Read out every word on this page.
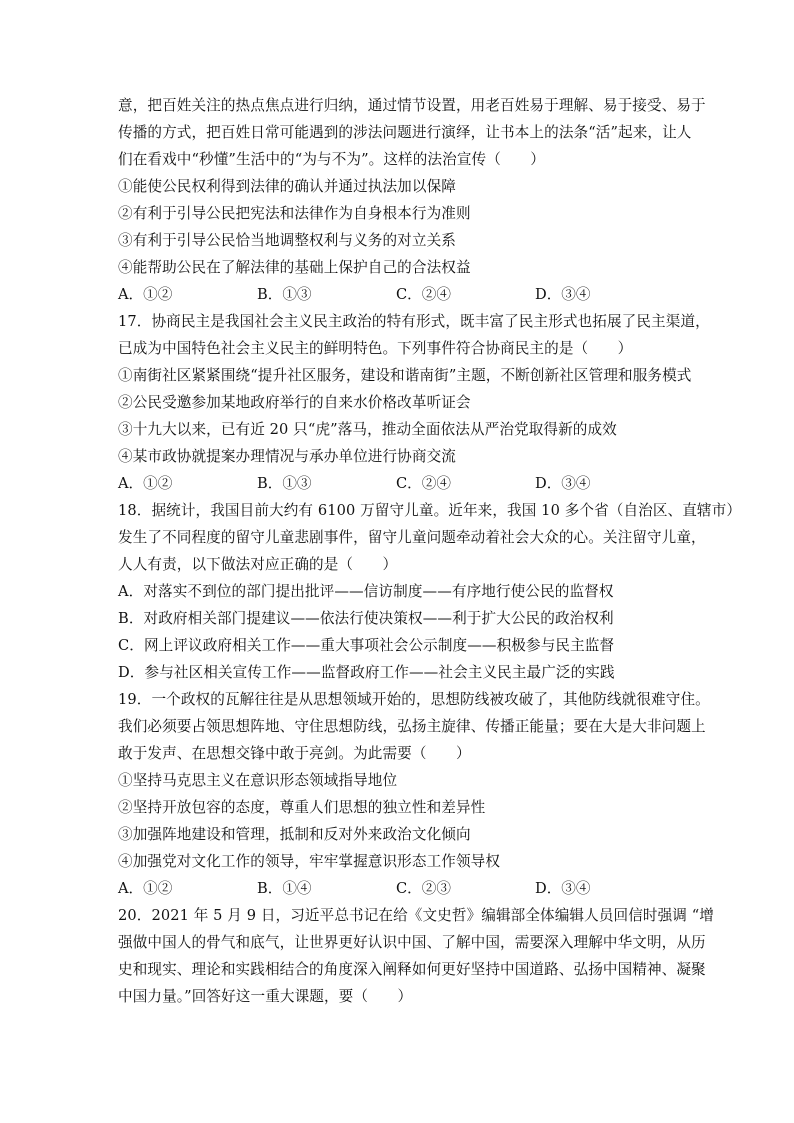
意，把百姓关注的热点焦点进行归纳，通过情节设置，用老百姓易于理解、易于接受、易于
传播的方式，把百姓日常可能遇到的涉法问题进行演绎，让书本上的法条“活”起来，让人
们在看戏中“秒懂”生活中的“为与不为”。这样的法治宣传（　　）
①能使公民权利得到法律的确认并通过执法加以保障
②有利于引导公民把宪法和法律作为自身根本行为准则
③有利于引导公民恰当地调整权利与义务的对立关系
④能帮助公民在了解法律的基础上保护自己的合法权益
A．①②	B．①③	C．②④	D．③④
17．协商民主是我国社会主义民主政治的特有形式，既丰富了民主形式也拓展了民主渠道，
已成为中国特色社会主义民主的鲜明特色。下列事件符合协商民主的是（　　）
①南街社区紧紧围绕“提升社区服务，建设和谐南街”主题，不断创新社区管理和服务模式
②公民受邀参加某地政府举行的自来水价格改革听证会
③十九大以来，已有近 20 只“虎”落马，推动全面依法从严治党取得新的成效
④某市政协就提案办理情况与承办单位进行协商交流
A．①②	B．①③	C．②④	D．③④
18．据统计，我国目前大约有 6100 万留守儿童。近年来，我国 10 多个省（自治区、直辖市）
发生了不同程度的留守儿童悲剧事件，留守儿童问题牵动着社会大众的心。关注留守儿童，
人人有责，以下做法对应正确的是（　　）
A．对落实不到位的部门提出批评——信访制度——有序地行使公民的监督权
B．对政府相关部门提建议——依法行使决策权——利于扩大公民的政治权利
C．网上评议政府相关工作——重大事项社会公示制度——积极参与民主监督
D．参与社区相关宣传工作——监督政府工作——社会主义民主最广泛的实践
19．一个政权的瓦解往往是从思想领域开始的，思想防线被攻破了，其他防线就很难守住。
我们必须要占领思想阵地、守住思想防线，弘扬主旋律、传播正能量；要在大是大非问题上
敢于发声、在思想交锋中敢于亮剑。为此需要（　　）
①坚持马克思主义在意识形态领域指导地位
②坚持开放包容的态度，尊重人们思想的独立性和差异性
③加强阵地建设和管理，抵制和反对外来政治文化倾向
④加强党对文化工作的领导，牢牢掌握意识形态工作领导权
A．①②	B．①④	C．②③	D．③④
20．2021 年 5 月 9 日，习近平总书记在给《文史哲》编辑部全体编辑人员回信时强调 “增
强做中国人的骨气和底气，让世界更好认识中国、了解中国，需要深入理解中华文明，从历
史和现实、理论和实践相结合的角度深入阐释如何更好坚持中国道路、弘扬中国精神、凝聚
中国力量。”回答好这一重大课题，要（　　）
